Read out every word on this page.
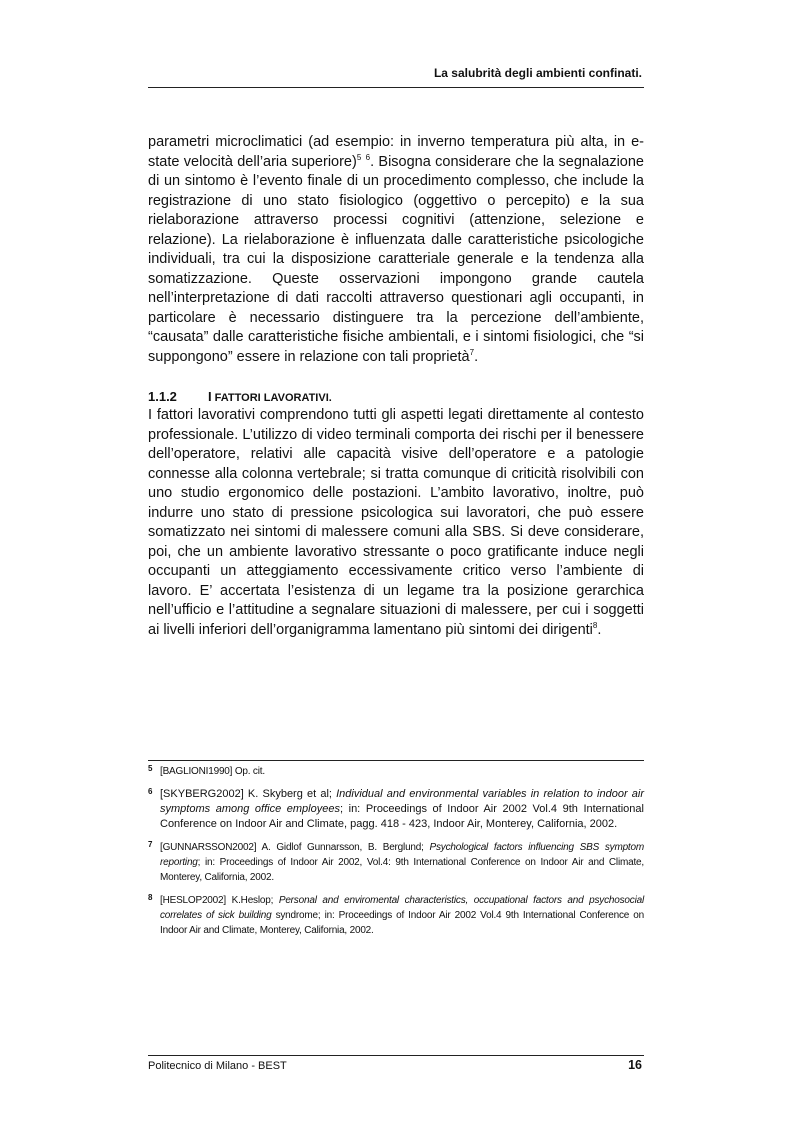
La salubrità degli ambienti confinati.

parametri microclimatici (ad esempio: in inverno temperatura più alta, in e-state velocità dell’aria superiore)$^5$ $^6$. Bisogna considerare che la segnalazione di un sintomo è l’evento finale di un procedimento complesso, che include la registrazione di uno stato fisiologico (oggettivo o percepito) e la sua rielaborazione attraverso processi cognitivi (attenzione, selezione e relazione). La rielaborazione è influenzata dalle caratteristiche psicologiche individuali, tra cui la disposizione caratteriale generale e la tendenza alla somatizzazione. Queste osservazioni impongono grande cautela nell’interpretazione di dati raccolti attraverso questionari agli occupanti, in particolare è necessario distinguere tra la percezione dell’ambiente, “causata” dalle caratteristiche fisiche ambientali, e i sintomi fisiologici, che “si suppongono” essere in relazione con tali proprietà$^7$.

1.1.2 I FATTORI LAVORATIVI.

I fattori lavorativi comprendono tutti gli aspetti legati direttamente al contesto professionale. L’utilizzo di video terminali comporta dei rischi per il benessere dell’operatore, relativi alle capacità visive dell’operatore e a patologie connesse alla colonna vertebrale; si tratta comunque di criticità risolvibili con uno studio ergonomico delle postazioni. L’ambito lavorativo, inoltre, può indurre uno stato di pressione psicologica sui lavoratori, che può essere somatizzato nei sintomi di malessere comuni alla SBS. Si deve considerare, poi, che un ambiente lavorativo stressante o poco gratificante induce negli occupanti un atteggiamento eccessivamente critico verso l’ambiente di lavoro. E’ accertata l’esistenza di un legame tra la posizione gerarchica nell’ufficio e l’attitudine a segnalare situazioni di malessere, per cui i soggetti ai livelli inferiori dell’organigramma lamentano più sintomi dei dirigenti$^8$.

5 [BAGLIONI1990] Op. cit.
6 [SKYBERG2002] K. Skyberg et al; Individual and environmental variables in relation to indoor air symptoms among office employees; in: Proceedings of Indoor Air 2002 Vol.4 9th International Conference on Indoor Air and Climate, pagg. 418 - 423, Indoor Air, Monterey, California, 2002.
7 [GUNNARSSON2002] A. Gidlof Gunnarsson, B. Berglund; Psychological factors influencing SBS symptom reporting; in: Proceedings of Indoor Air 2002, Vol.4: 9th International Conference on Indoor Air and Climate, Monterey, California, 2002.
8 [HESLOP2002] K.Heslop; Personal and enviromental characteristics, occupational factors and psychosocial correlates of sick building syndrome; in: Proceedings of Indoor Air 2002 Vol.4 9th International Conference on Indoor Air and Climate, Monterey, California, 2002.
Politecnico di Milano - BEST	16
